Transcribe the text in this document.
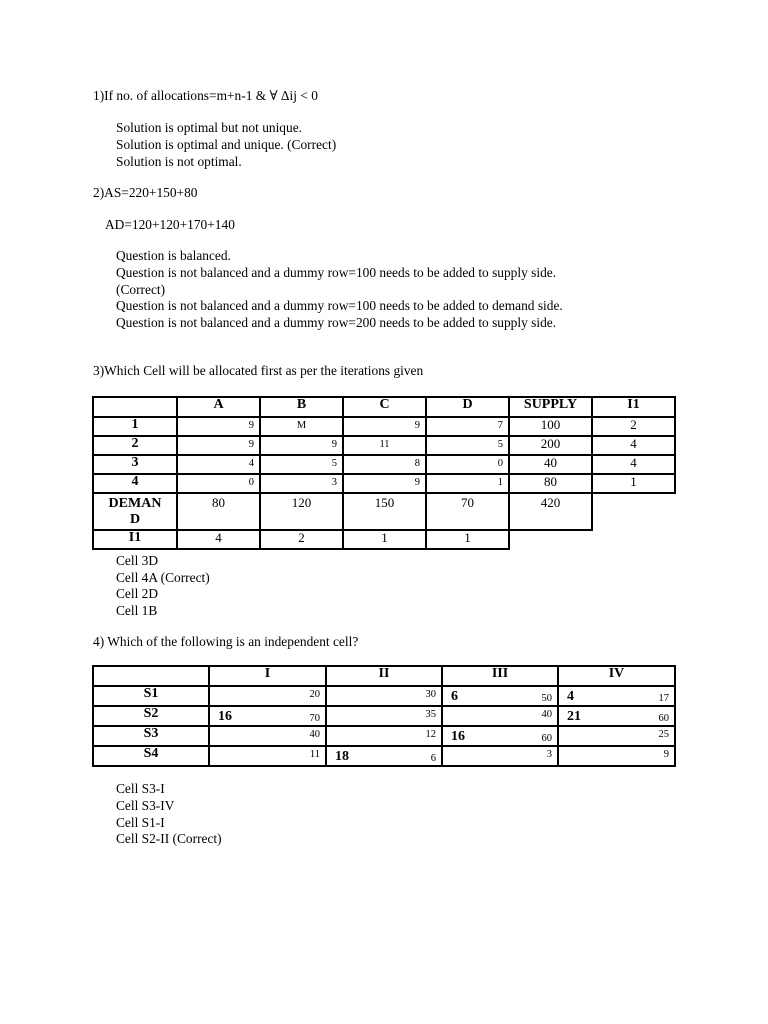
1)If no. of allocations=m+n-1 & ∀ Δij < 0
Solution is optimal but not unique.
Solution is optimal and unique. (Correct)
Solution is not optimal.
2)AS=220+150+80
AD=120+120+170+140
Question is balanced.
Question is not balanced and a dummy row=100 needs to be added to supply side.
(Correct)
Question is not balanced and a dummy row=100 needs to be added to demand side.
Question is not balanced and a dummy row=200 needs to be added to supply side.
3)Which Cell will be allocated first as per the iterations given
	A	B	C	D	SUPPLY	I1
1	9	M	9	7	100	2
2	9	9	11	5	200	4
3	4	5	8	0	40	4
4	0	3	9	1	80	1

DEMAN
D	80	120	150	70	420	
I1	4	2	1	1		
Cell 3D
Cell 4A (Correct)
Cell 2D
Cell 1B
4) Which of the following is an independent cell?
	I	II	III	IV
S1	20	30	6 50	4 17

S2	16 70	35	40	21 60

S3	40	12	16 60	25

S4	11	18 6	3	9
Cell S3-I
Cell S3-IV
Cell S1-I
Cell S2-II (Correct)
